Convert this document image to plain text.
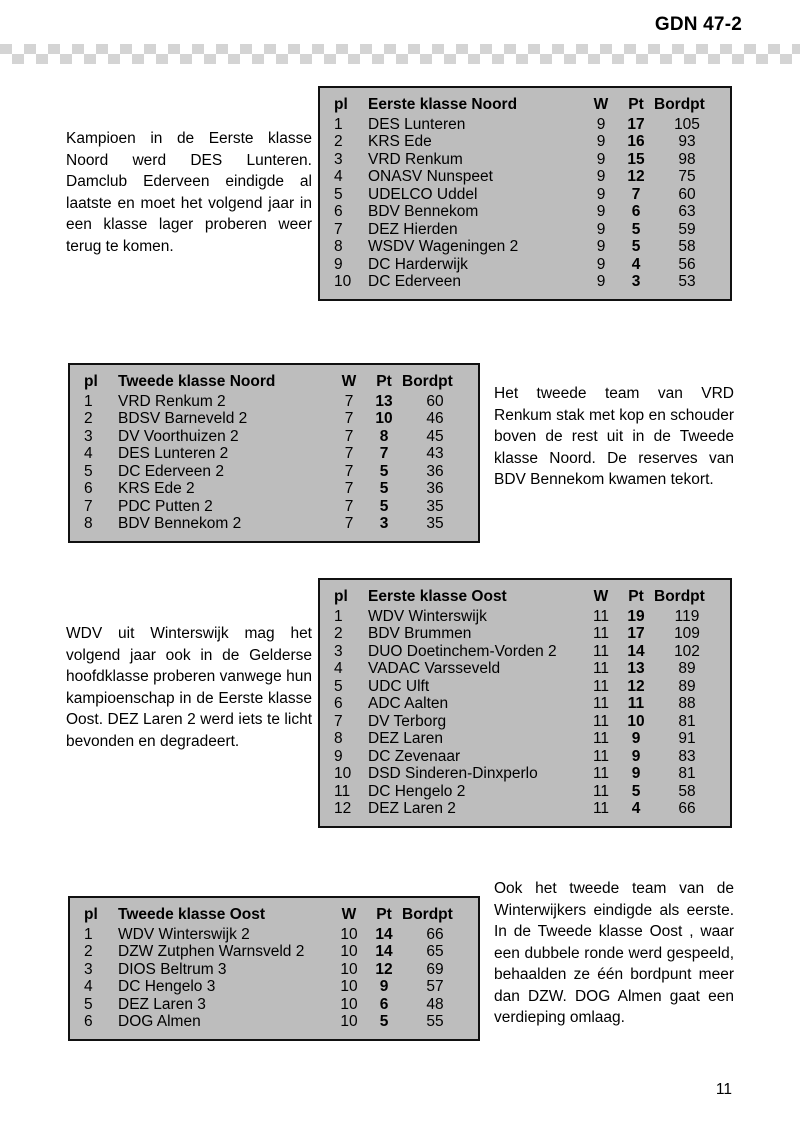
GDN 47-2
pl	Eerste klasse Noord	W	Pt	Bordpt
1	DES Lunteren	9	17	105
2	KRS Ede	9	16	93
3	VRD Renkum	9	15	98
4	ONASV Nunspeet	9	12	75
5	UDELCO Uddel	9	7	60
6	BDV Bennekom	9	6	63
7	DEZ Hierden	9	5	59
8	WSDV Wageningen 2	9	5	58
9	DC Harderwijk	9	4	56
10	DC Ederveen	9	3	53
pl	Tweede klasse Noord	W	Pt	Bordpt
1	VRD Renkum 2	7	13	60
2	BDSV Barneveld 2	7	10	46
3	DV Voorthuizen 2	7	8	45
4	DES Lunteren 2	7	7	43
5	DC Ederveen 2	7	5	36
6	KRS Ede 2	7	5	36
7	PDC Putten 2	7	5	35
8	BDV Bennekom 2	7	3	35
pl	Eerste klasse Oost	W	Pt	Bordpt
1	WDV Winterswijk	11	19	119
2	BDV Brummen	11	17	109
3	DUO Doetinchem-Vorden 2	11	14	102
4	VADAC Varsseveld	11	13	89
5	UDC Ulft	11	12	89
6	ADC Aalten	11	11	88
7	DV Terborg	11	10	81
8	DEZ Laren	11	9	91
9	DC Zevenaar	11	9	83
10	DSD Sinderen-Dinxperlo	11	9	81
11	DC Hengelo 2	11	5	58
12	DEZ Laren 2	11	4	66
pl	Tweede klasse Oost	W	Pt	Bordpt
1	WDV Winterswijk 2	10	14	66
2	DZW Zutphen Warnsveld 2	10	14	65
3	DIOS Beltrum 3	10	12	69
4	DC Hengelo 3	10	9	57
5	DEZ Laren 3	10	6	48
6	DOG Almen	10	5	55
Kampioen in de Eerste klasse Noord werd DES Lunteren. Damclub Ederveen eindigde al laatste en moet het volgend jaar in een klasse lager proberen weer terug te komen.
Het tweede team van VRD Renkum stak met kop en schouder boven de rest uit in de Tweede klasse Noord. De reserves van BDV Bennekom kwamen tekort.
WDV uit Winterswijk mag het volgend jaar ook in de Gelderse hoofdklasse proberen vanwege hun kampioenschap in de Eerste klasse Oost. DEZ Laren 2 werd iets te licht bevonden en degradeert.
Ook het tweede team van de Winterwijkers eindigde als eerste. In de Tweede klasse Oost , waar een dubbele ronde werd gespeeld, behaalden ze één bordpunt meer dan DZW. DOG Almen gaat een verdieping omlaag.
11
